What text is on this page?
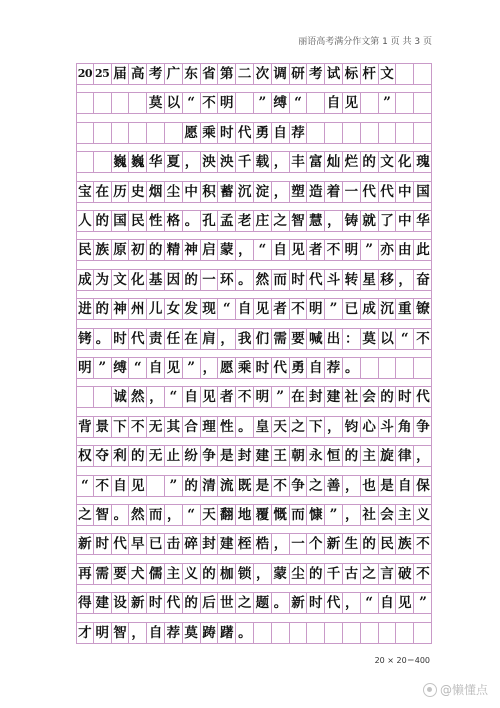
丽语高考满分作文第 1 页 共 3 页
20 25 届 高 考 广 东 省 第 二 次 调 研 考 试 标 杆 文
莫 以 “ 不 明	” 缚 “	自 见	”
愿 乘 时 代 勇 自 荐
巍 巍 华 夏 ， 泱 泱 千 载 ， 丰 富 灿 烂 的 文 化 瑰
宝 在 历 史 烟 尘 中 积 蓄 沉 淀 ， 塑 造 着 一 代 代 中 国
人 的 国 民 性 格 。 孔 孟 老 庄 之 智 慧 ， 铸 就 了 中 华
民 族 原 初 的 精 神 启 蒙 ， “ 自 见 者 不 明 ” 亦 由 此
成 为 文 化 基 因 的 一 环 。 然 而 时 代 斗 转 星 移 ， 奋
进 的 神 州 儿 女 发 现 “ 自 见 者 不 明 ” 已 成 沉 重 镣
铐 。 时 代 责 任 在 肩 ， 我 们 需 要 喊 出 ： 莫 以 “ 不
明 ” 缚 “ 自 见 ” ， 愿 乘 时 代 勇 自 荐 。
诚 然 ， “ 自 见 者 不 明 ” 在 封 建 社 会 的 时 代
背 景 下 不 无 其 合 理 性 。 皇 天 之 下 ， 钧 心 斗 角 争
权 夺 利 的 无 止 纷 争 是 封 建 王 朝 永 恒 的 主 旋 律 ，
“ 不 自 见	” 的 清 流 既 是 不 争 之 善 ， 也 是 自 保
之 智 。 然 而 ， “ 天 翻 地 覆 慨 而 慷 ” ， 社 会 主 义
新 时 代 早 已 击 碎 封 建 桎 梏 ， 一 个 新 生 的 民 族 不
再 需 要 犬 儒 主 义 的 枷 锁 ， 蒙 尘 的 千 古 之 言 破 不
得 建 设 新 时 代 的 后 世 之 题 。 新 时 代 ， “ 自 见 ”
才 明 智 ， 自 荐 莫 踌 躇 。
20 × 20＝400
@懒懂点
